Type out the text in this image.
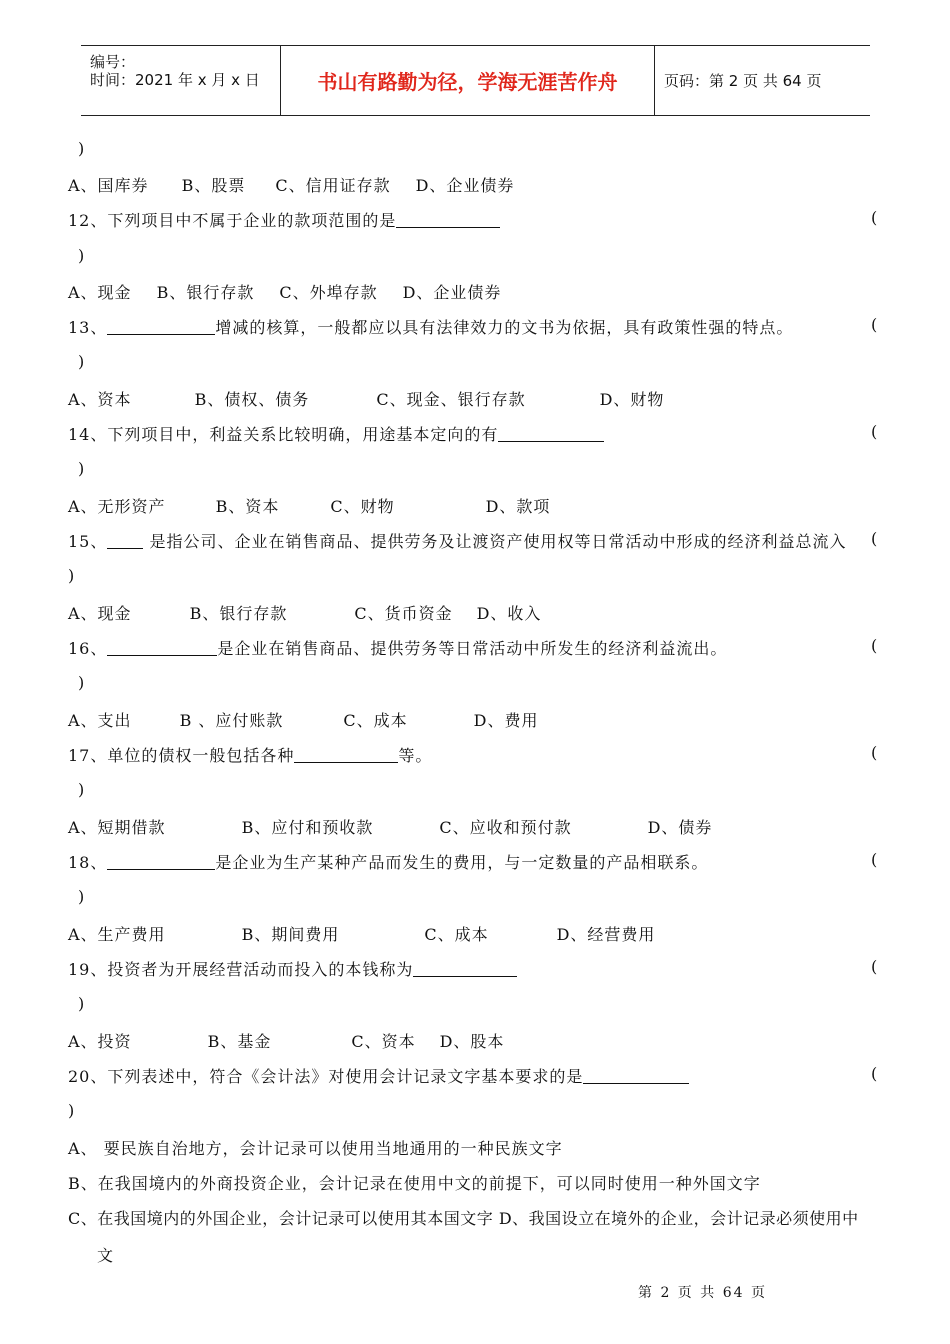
编号：
时间：2021 年 x 月 x 日	书山有路勤为径，学海无涯苦作舟	页码：第 2 页 共 64 页
)
A、国库券 B、股票 C、信用证存款 D、企业债券
12、下列项目中不属于企业的款项范围的是	(
)
A、现金 B、银行存款 C、外埠存款 D、企业债券
13、	增减的核算，一般都应以具有法律效力的文书为依据，具有政策性强的特点。	(
)
A、资本	B、债权、债务	C、现金、银行存款	D、财物
14、下列项目中，利益关系比较明确，用途基本定向的有	(
)
A、无形资产	B、资本	C、财物	D、款项
15、 是指公司、企业在销售商品、提供劳务及让渡资产使用权等日常活动中形成的经济利益总流入 (
)
A、现金	B、银行存款	C、货币资金 D、收入
16、	是企业在销售商品、提供劳务等日常活动中所发生的经济利益流出。	(
)
A、支出	B 、应付账款	C、成本	D、费用
17、单位的债权一般包括各种	等。	(
)
A、短期借款	B、应付和预收款	C、应收和预付款	D、债券
18、	是企业为生产某种产品而发生的费用，与一定数量的产品相联系。	(
)
A、生产费用	B、期间费用	C、成本	D、经营费用
19、投资者为开展经营活动而投入的本钱称为	(
)
A、投资	B、基金	C、资本 D、股本
20、下列表述中，符合《会计法》对使用会计记录文字基本要求的是	(
)
A、 要民族自治地方，会计记录可以使用当地通用的一种民族文字
B、在我国境内的外商投资企业，会计记录在使用中文的前提下，可以同时使用一种外国文字
C、在我国境内的外国企业，会计记录可以使用其本国文字 D、我国设立在境外的企业，会计记录必须使用中
文
第 2 页 共 64 页
